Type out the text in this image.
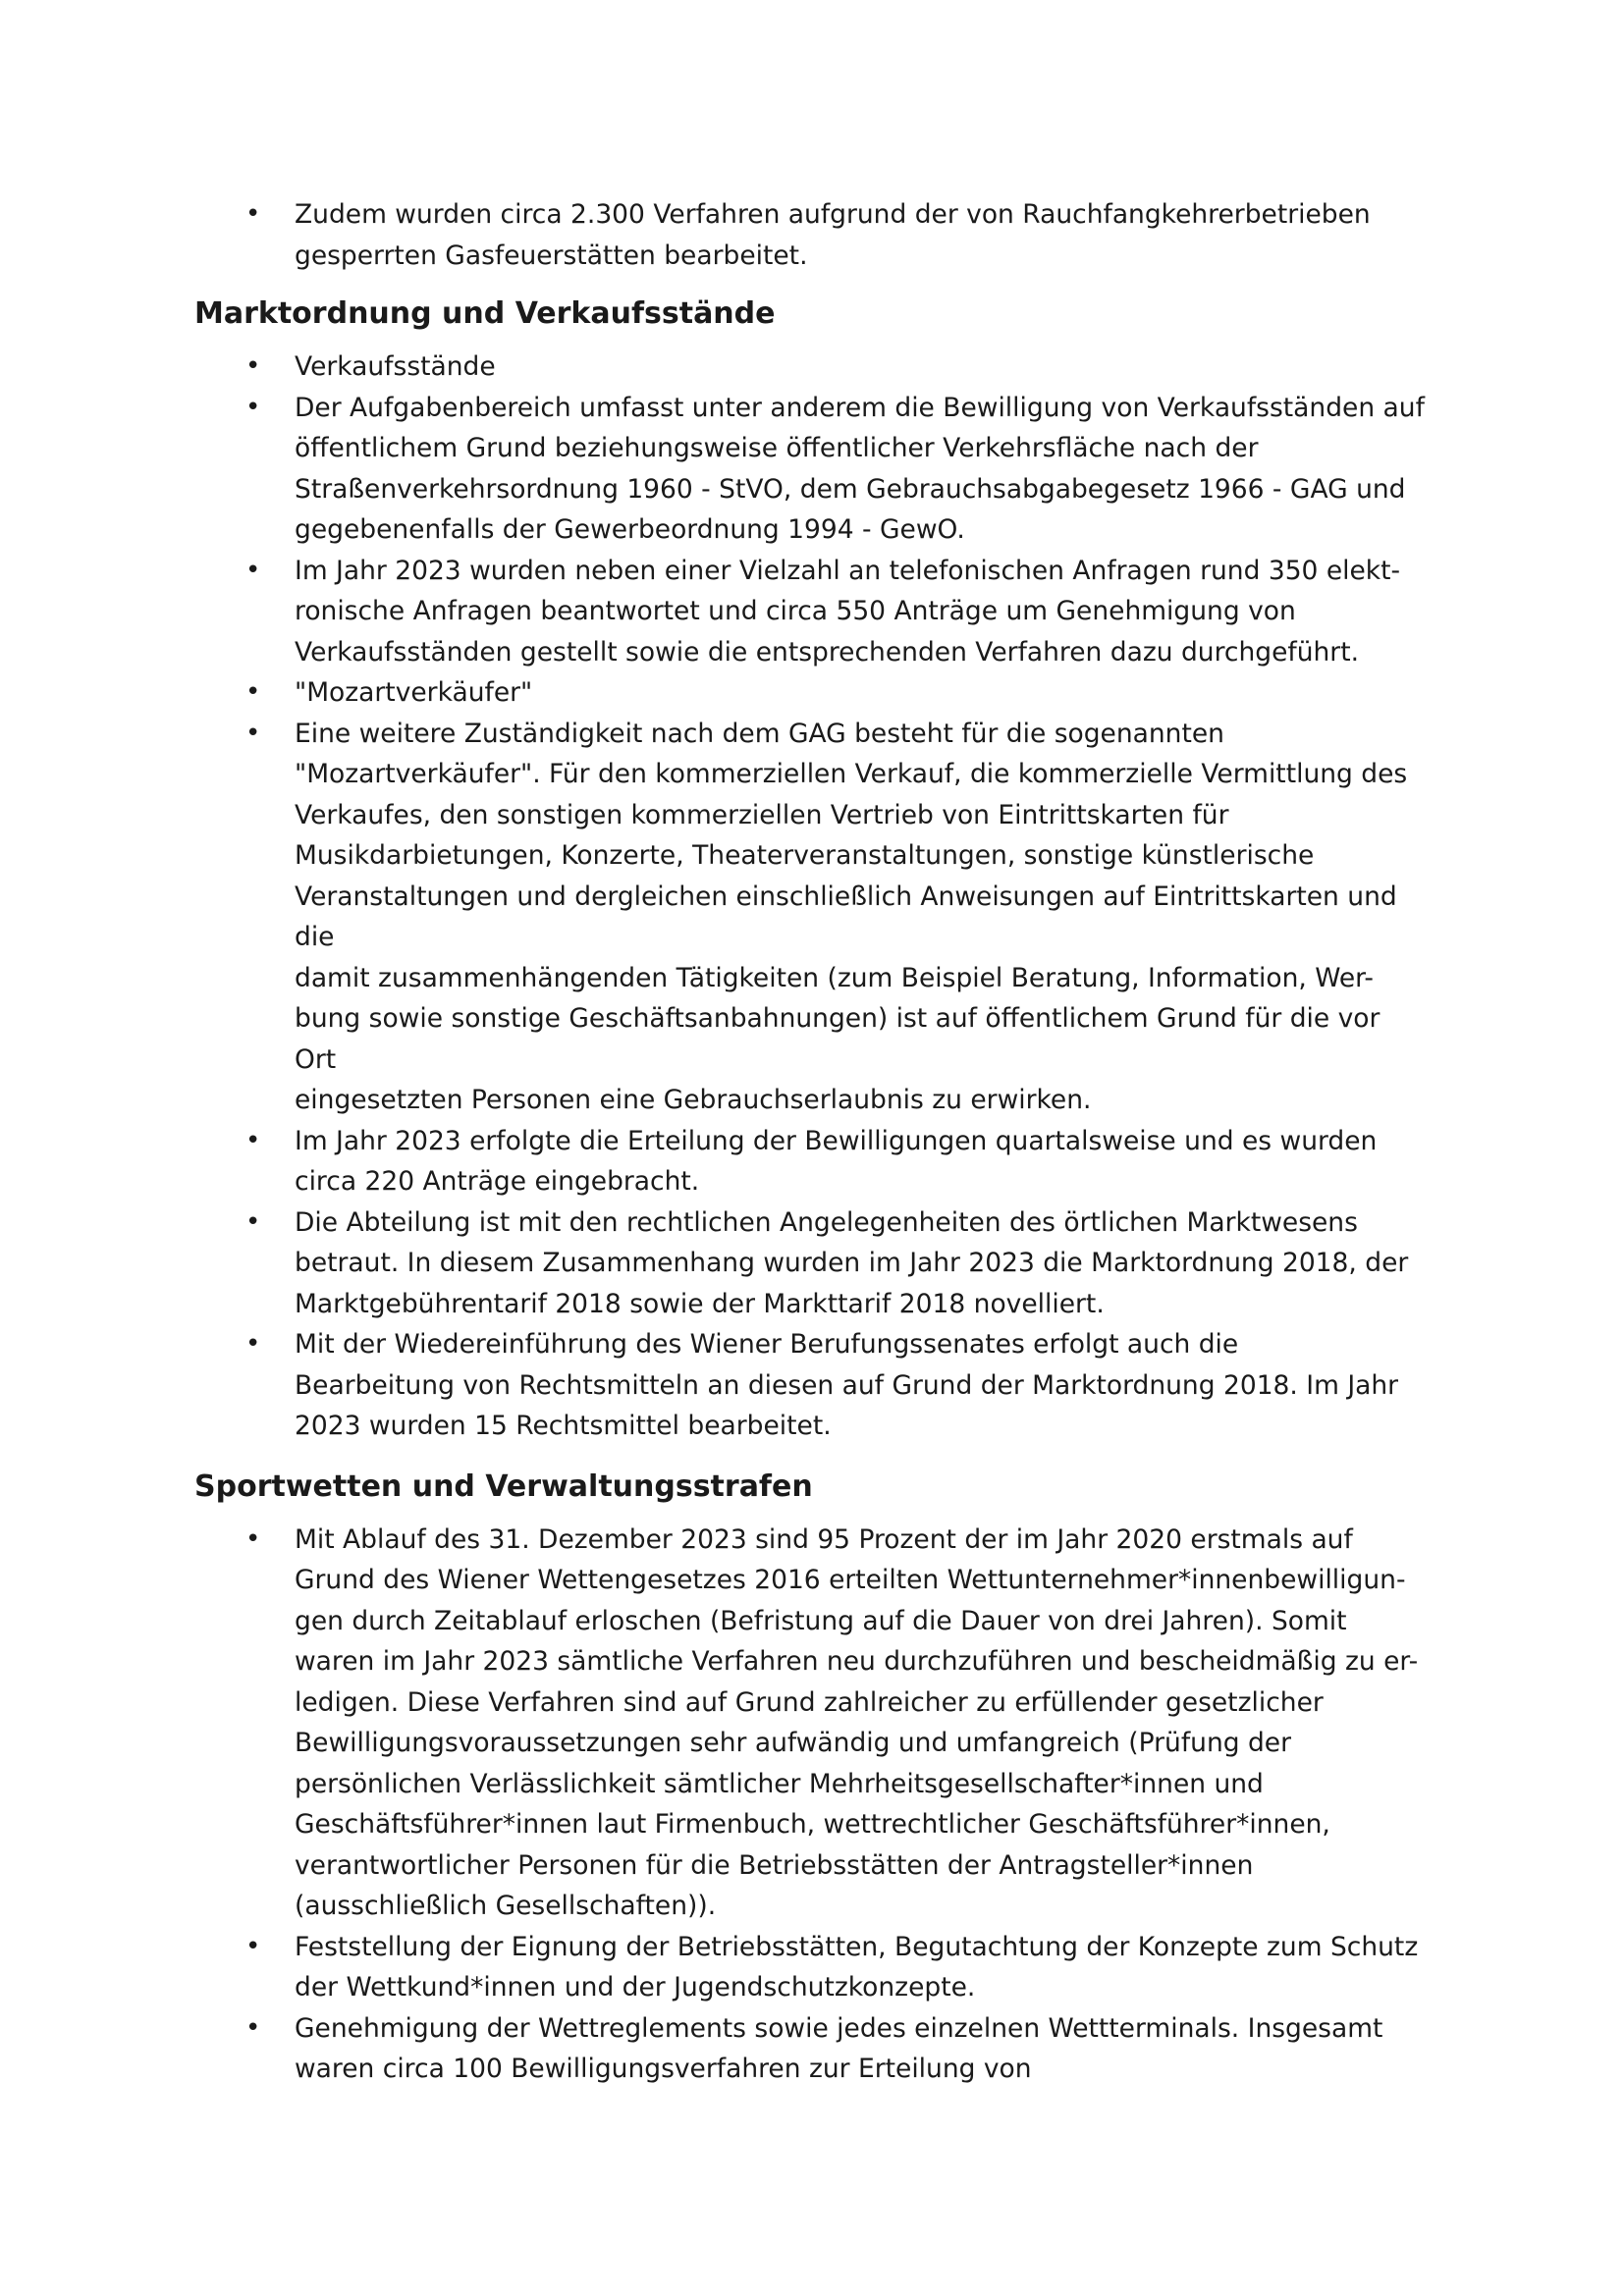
• Zudem wurden circa 2.300 Verfahren aufgrund der von Rauchfangkehrerbetrieben
gesperrten Gasfeuerstätten bearbeitet.
Marktordnung und Verkaufsstände
• Verkaufsstände
• Der Aufgabenbereich umfasst unter anderem die Bewilligung von Verkaufsständen auf
öffentlichem Grund beziehungsweise öffentlicher Verkehrsfläche nach der
Straßenverkehrsordnung 1960 - StVO, dem Gebrauchsabgabegesetz 1966 - GAG und
gegebenenfalls der Gewerbeordnung 1994 - GewO.
• Im Jahr 2023 wurden neben einer Vielzahl an telefonischen Anfragen rund 350 elekt-
ronische Anfragen beantwortet und circa 550 Anträge um Genehmigung von
Verkaufsständen gestellt sowie die entsprechenden Verfahren dazu durchgeführt.
• "Mozartverkäufer"
• Eine weitere Zuständigkeit nach dem GAG besteht für die sogenannten
"Mozartverkäufer". Für den kommerziellen Verkauf, die kommerzielle Vermittlung des
Verkaufes, den sonstigen kommerziellen Vertrieb von Eintrittskarten für
Musikdarbietungen, Konzerte, Theaterveranstaltungen, sonstige künstlerische
Veranstaltungen und dergleichen einschließlich Anweisungen auf Eintrittskarten und
die
damit zusammenhängenden Tätigkeiten (zum Beispiel Beratung, Information, Wer-
bung sowie sonstige Geschäftsanbahnungen) ist auf öffentlichem Grund für die vor
Ort
eingesetzten Personen eine Gebrauchserlaubnis zu erwirken.
• Im Jahr 2023 erfolgte die Erteilung der Bewilligungen quartalsweise und es wurden
circa 220 Anträge eingebracht.
• Die Abteilung ist mit den rechtlichen Angelegenheiten des örtlichen Marktwesens
betraut. In diesem Zusammenhang wurden im Jahr 2023 die Marktordnung 2018, der
Marktgebührentarif 2018 sowie der Markttarif 2018 novelliert.
• Mit der Wiedereinführung des Wiener Berufungssenates erfolgt auch die
Bearbeitung von Rechtsmitteln an diesen auf Grund der Marktordnung 2018. Im Jahr
2023 wurden 15 Rechtsmittel bearbeitet.
Sportwetten und Verwaltungsstrafen
• Mit Ablauf des 31. Dezember 2023 sind 95 Prozent der im Jahr 2020 erstmals auf
Grund des Wiener Wettengesetzes 2016 erteilten Wettunternehmer*innenbewilligun-
gen durch Zeitablauf erloschen (Befristung auf die Dauer von drei Jahren). Somit
waren im Jahr 2023 sämtliche Verfahren neu durchzuführen und bescheidmäßig zu er-
ledigen. Diese Verfahren sind auf Grund zahlreicher zu erfüllender gesetzlicher
Bewilligungsvoraussetzungen sehr aufwändig und umfangreich (Prüfung der
persönlichen Verlässlichkeit sämtlicher Mehrheitsgesellschafter*innen und
Geschäftsführer*innen laut Firmenbuch, wettrechtlicher Geschäftsführer*innen,
verantwortlicher Personen für die Betriebsstätten der Antragsteller*innen
(ausschließlich Gesellschaften)).
• Feststellung der Eignung der Betriebsstätten, Begutachtung der Konzepte zum Schutz
der Wettkund*innen und der Jugendschutzkonzepte.
• Genehmigung der Wettreglements sowie jedes einzelnen Wettterminals. Insgesamt
waren circa 100 Bewilligungsverfahren zur Erteilung von
